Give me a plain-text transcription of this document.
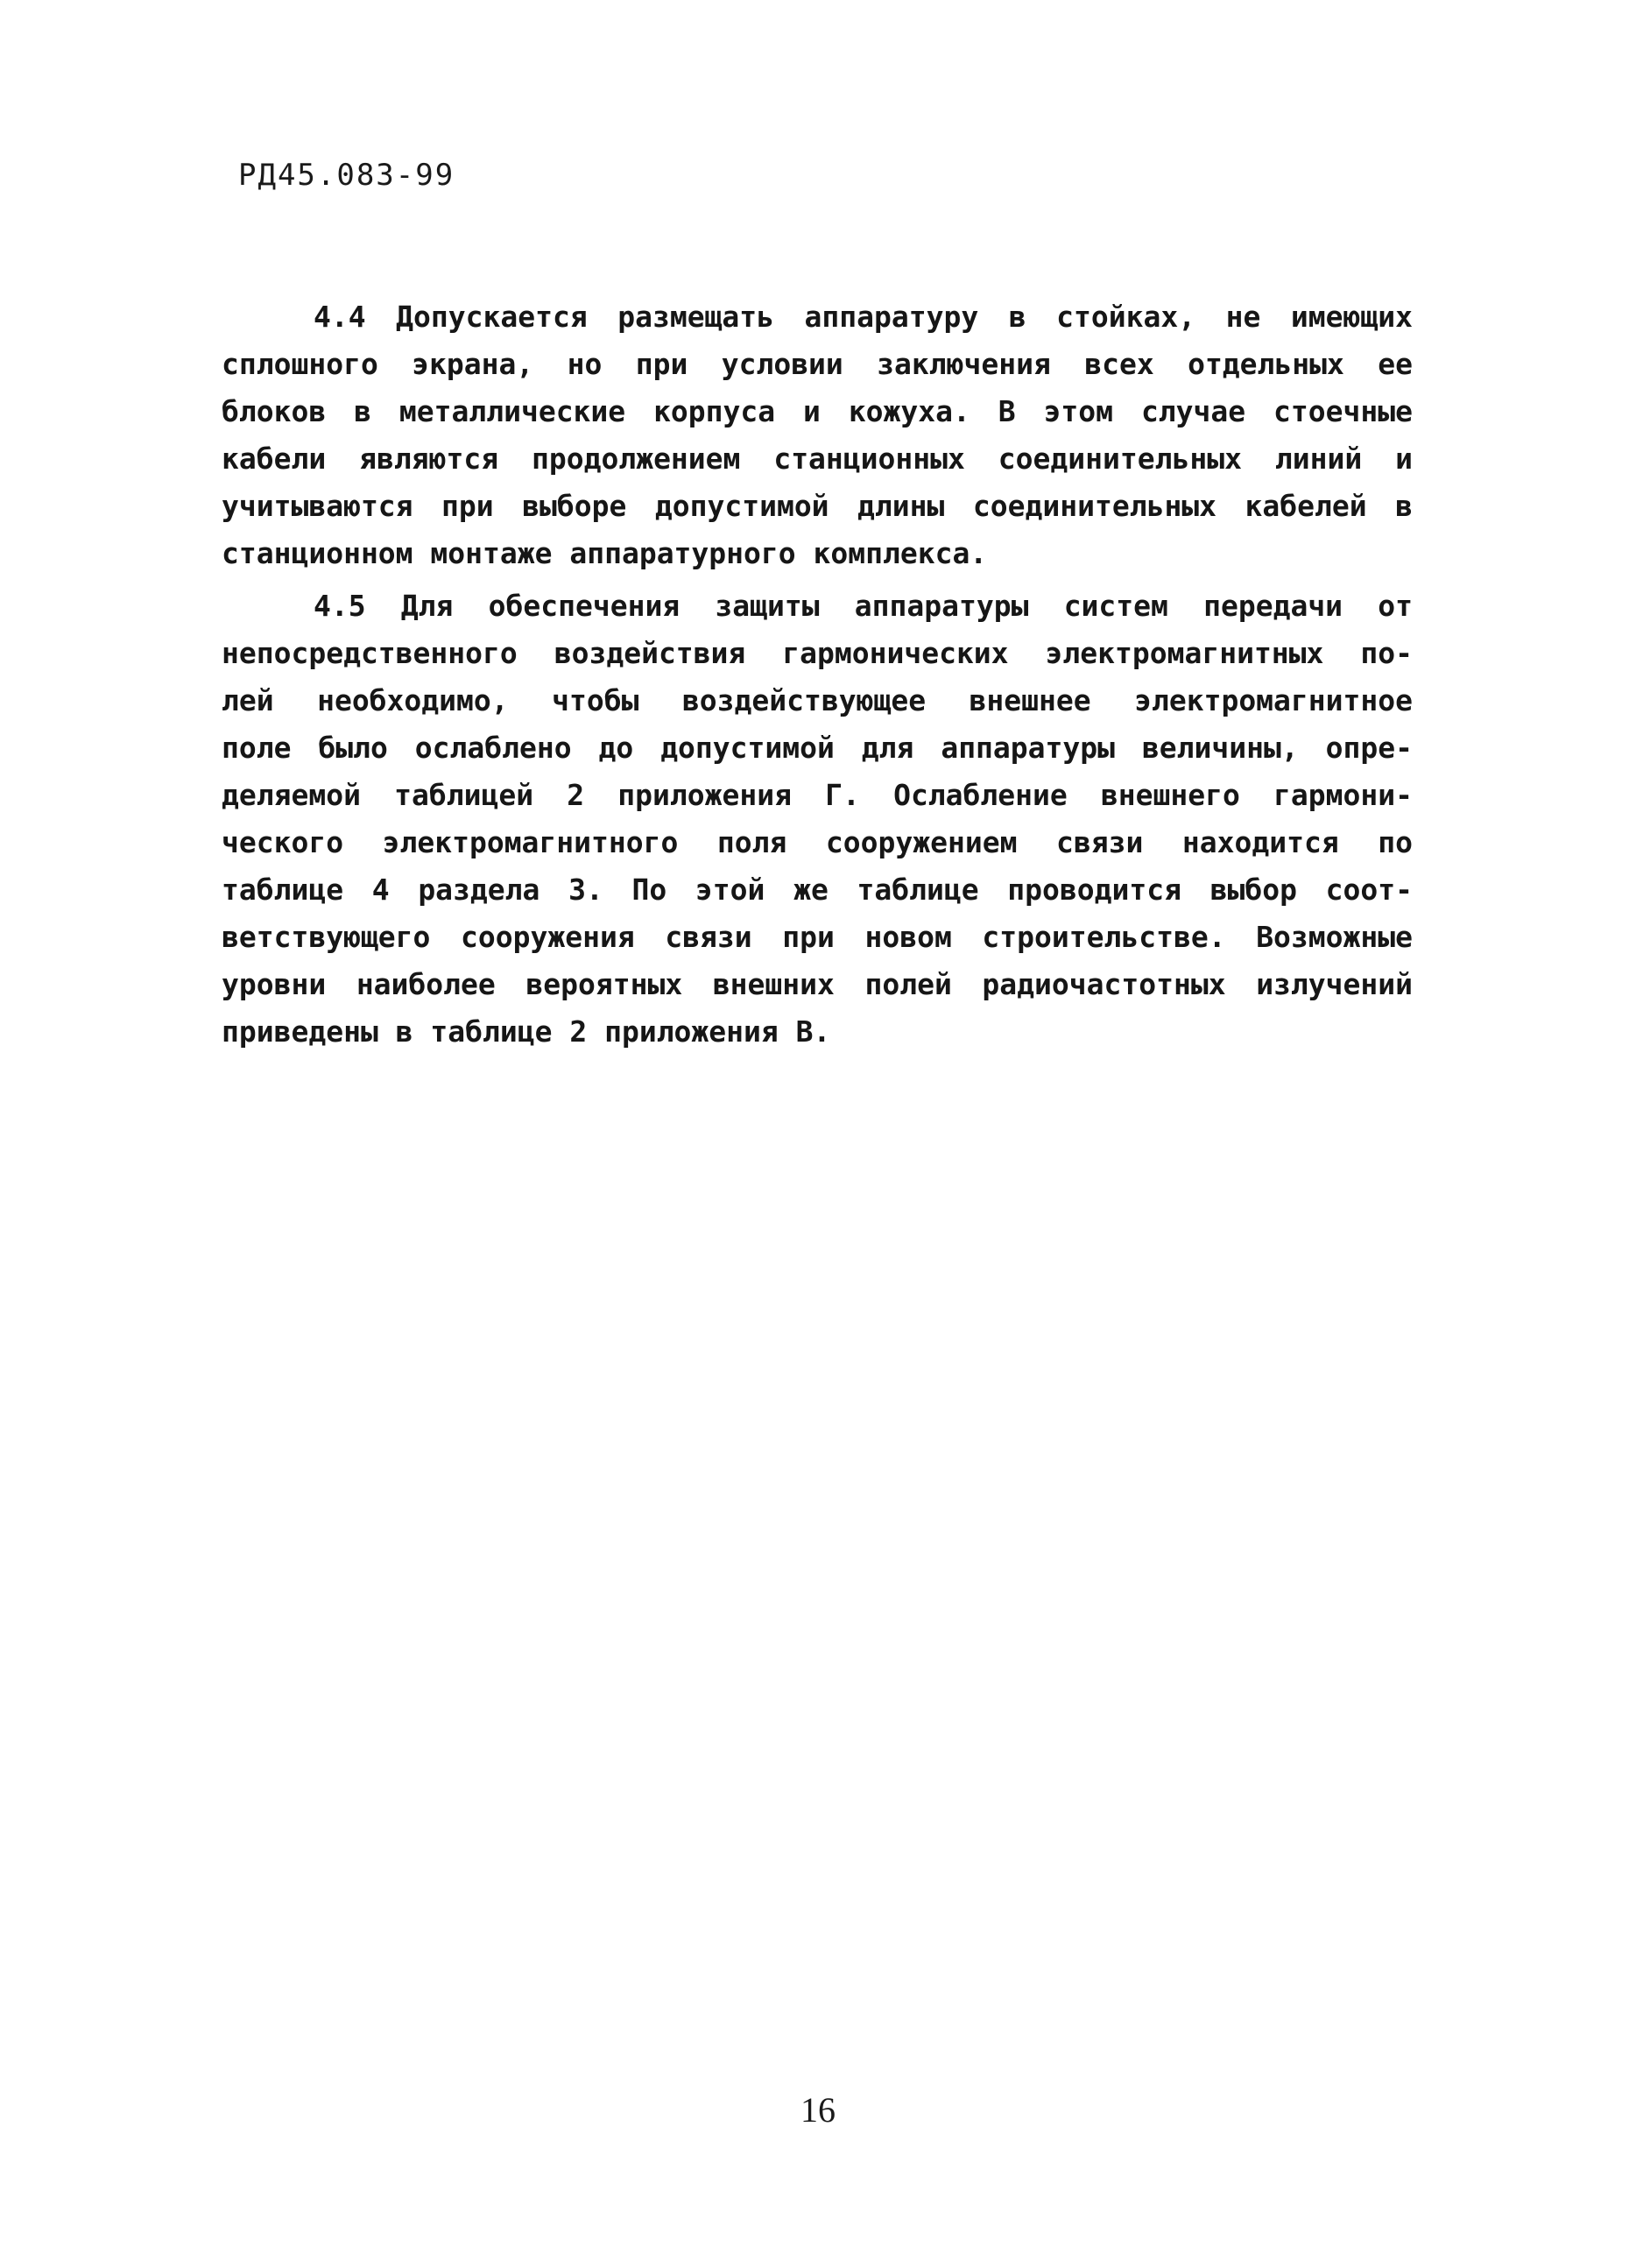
РД45.083-99
4.4 Допускается размещать аппаратуру в стойках, не имеющих
сплошного экрана, но при условии заключения всех отдельных ее
блоков в металлические корпуса и кожуха. В этом случае стоечные
кабели являются продолжением станционных соединительных линий и
учитываются при выборе допустимой длины соединительных кабелей в
станционном монтаже аппаратурного комплекса.
4.5 Для обеспечения защиты аппаратуры систем передачи от
непосредственного воздействия гармонических электромагнитных по-
лей необходимо, чтобы воздействующее внешнее электромагнитное
поле было ослаблено до допустимой для аппаратуры величины, опре-
деляемой таблицей 2 приложения Г. Ослабление внешнего гармони-
ческого электромагнитного поля сооружением связи находится по
таблице 4 раздела 3. По этой же таблице проводится выбор соот-
ветствующего сооружения связи при новом строительстве. Возможные
уровни наиболее вероятных внешних полей радиочастотных излучений
приведены в таблице 2 приложения В.
16
